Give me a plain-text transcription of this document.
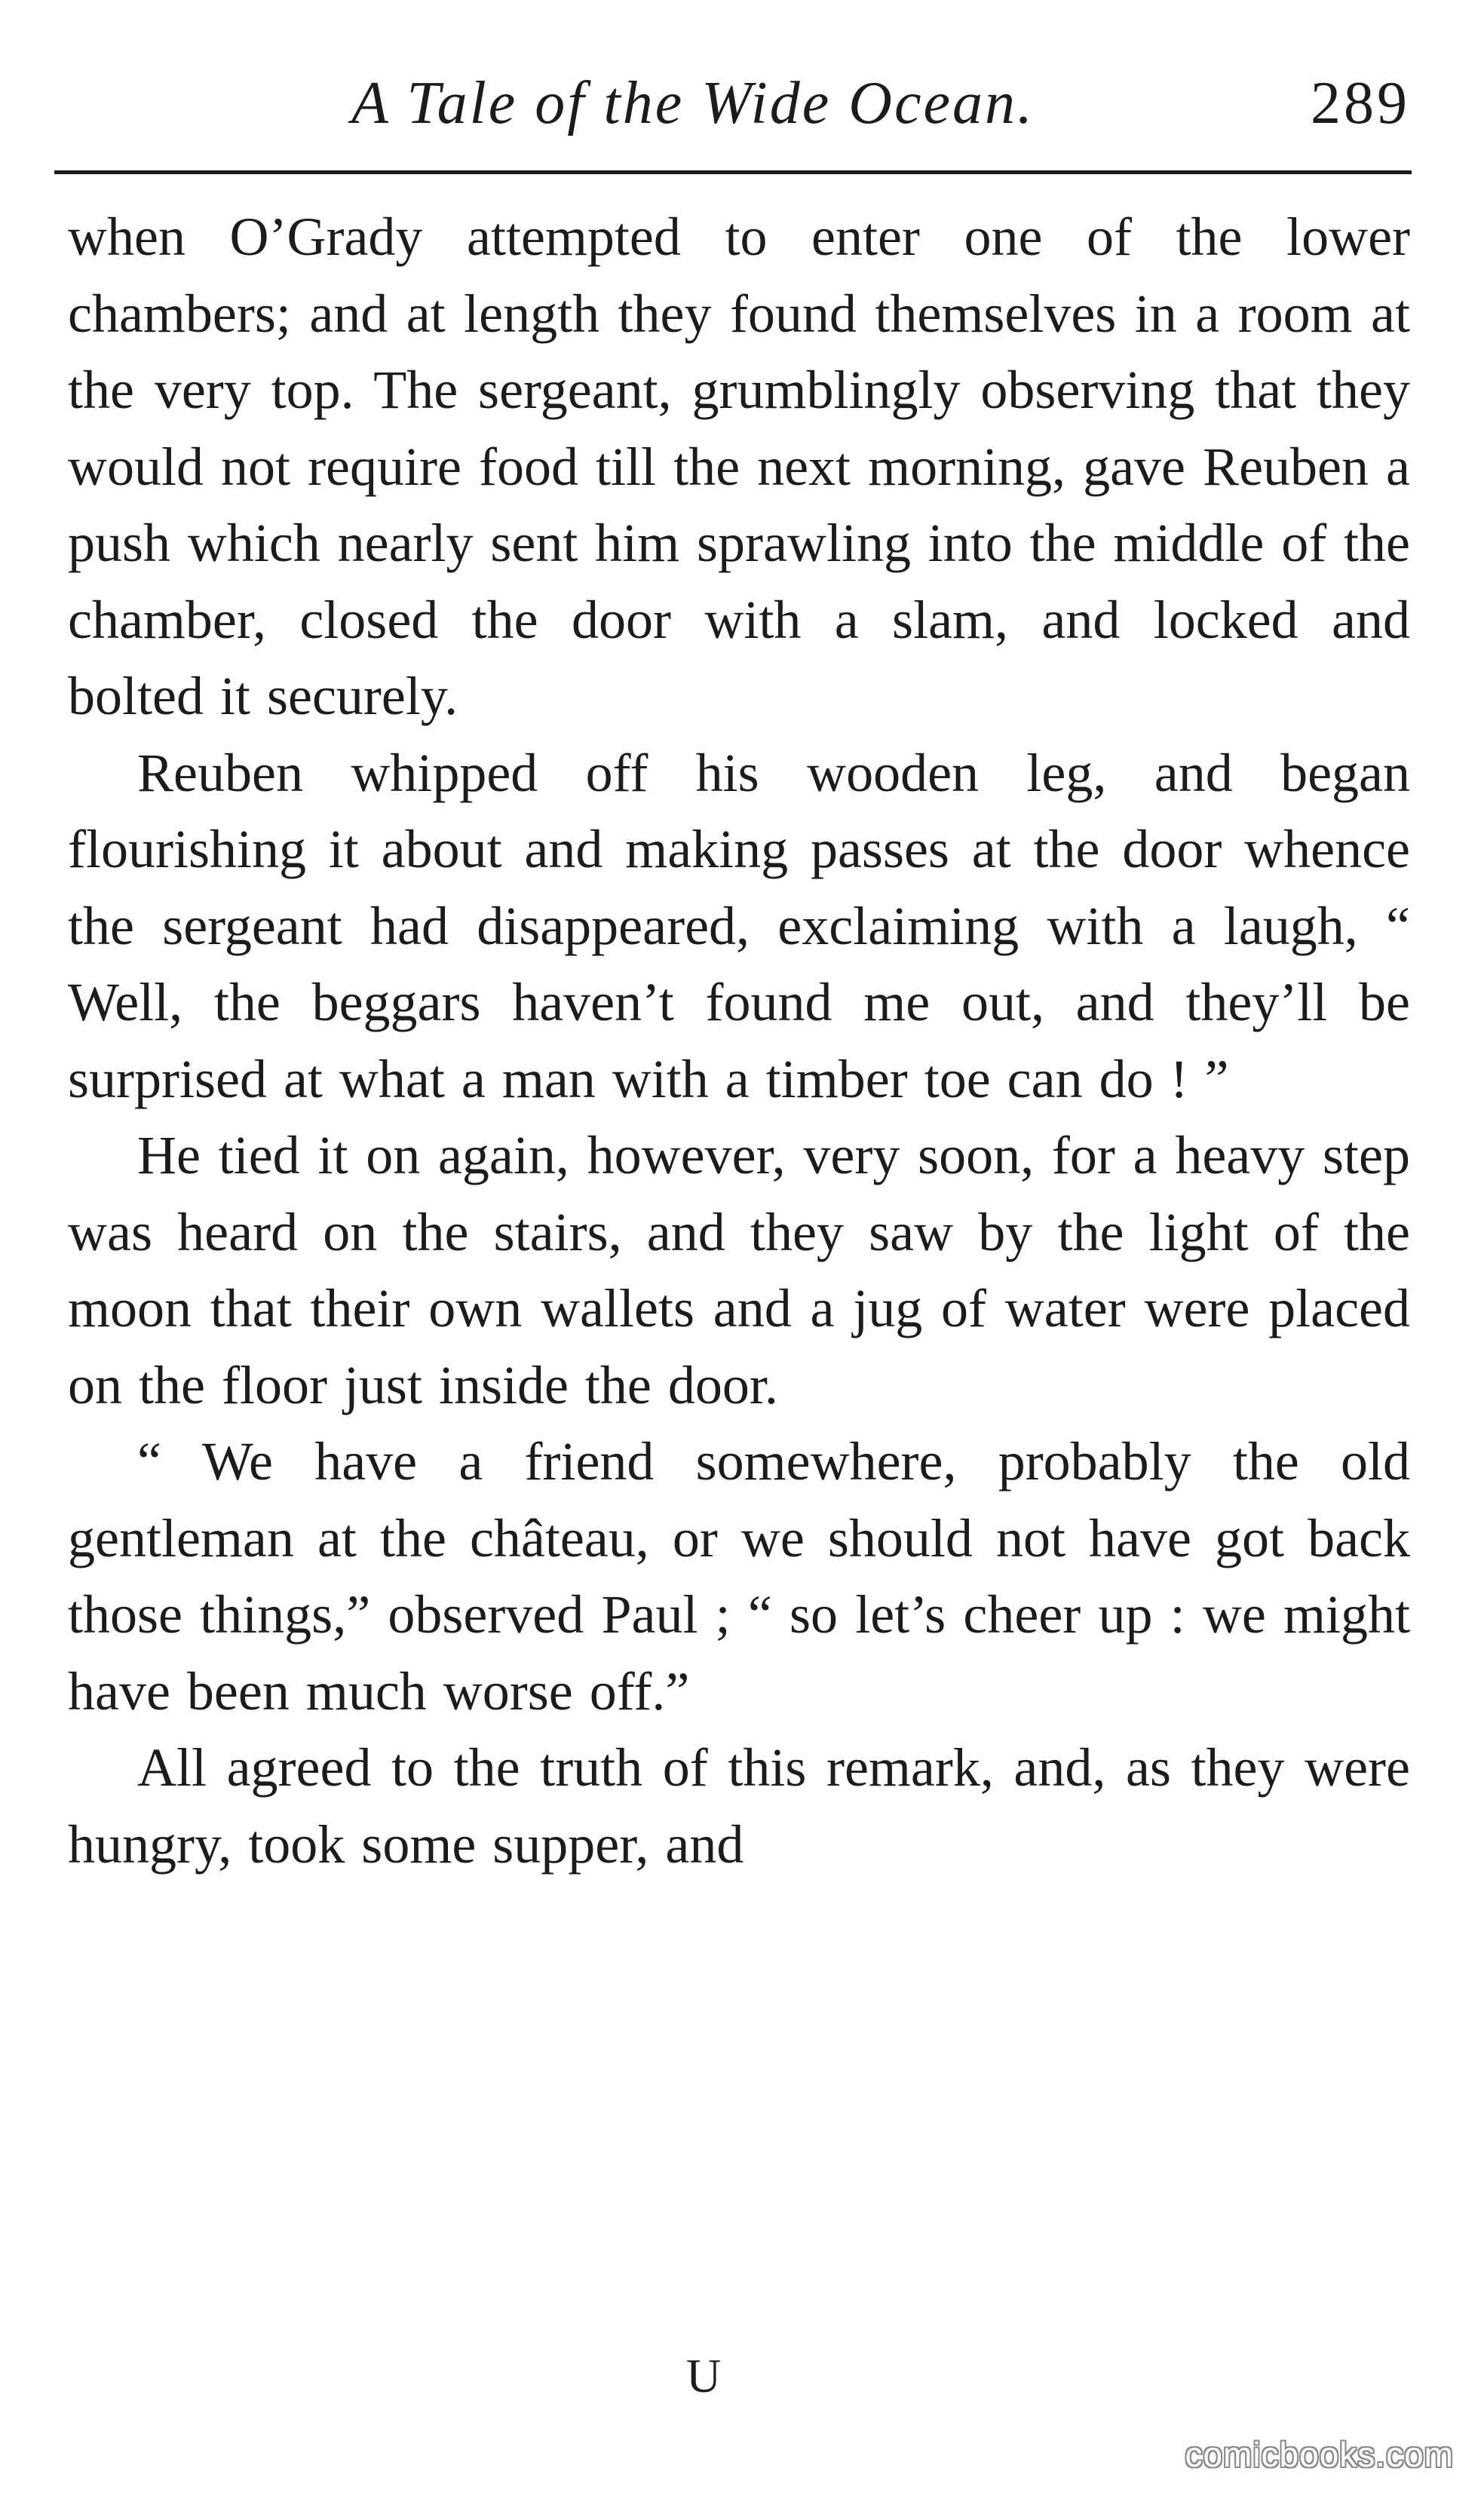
A Tale of the Wide Ocean.	289

when O’Grady attempted to enter one of the lower chambers; and at length they found themselves in a room at the very top. The sergeant, grumblingly observing that they would not require food till the next morning, gave Reuben a push which nearly sent him sprawling into the middle of the chamber, closed the door with a slam, and locked and bolted it securely.

Reuben whipped off his wooden leg, and began flourishing it about and making passes at the door whence the sergeant had disappeared, exclaiming with a laugh, “ Well, the beggars haven’t found me out, and they’ll be surprised at what a man with a timber toe can do ! ”

He tied it on again, however, very soon, for a heavy step was heard on the stairs, and they saw by the light of the moon that their own wallets and a jug of water were placed on the floor just inside the door.

“ We have a friend somewhere, probably the old gentleman at the château, or we should not have got back those things,” observed Paul ; “ so let’s cheer up : we might have been much worse off.”

All agreed to the truth of this remark, and, as they were hungry, took some supper, and

U
comicbooks.com
